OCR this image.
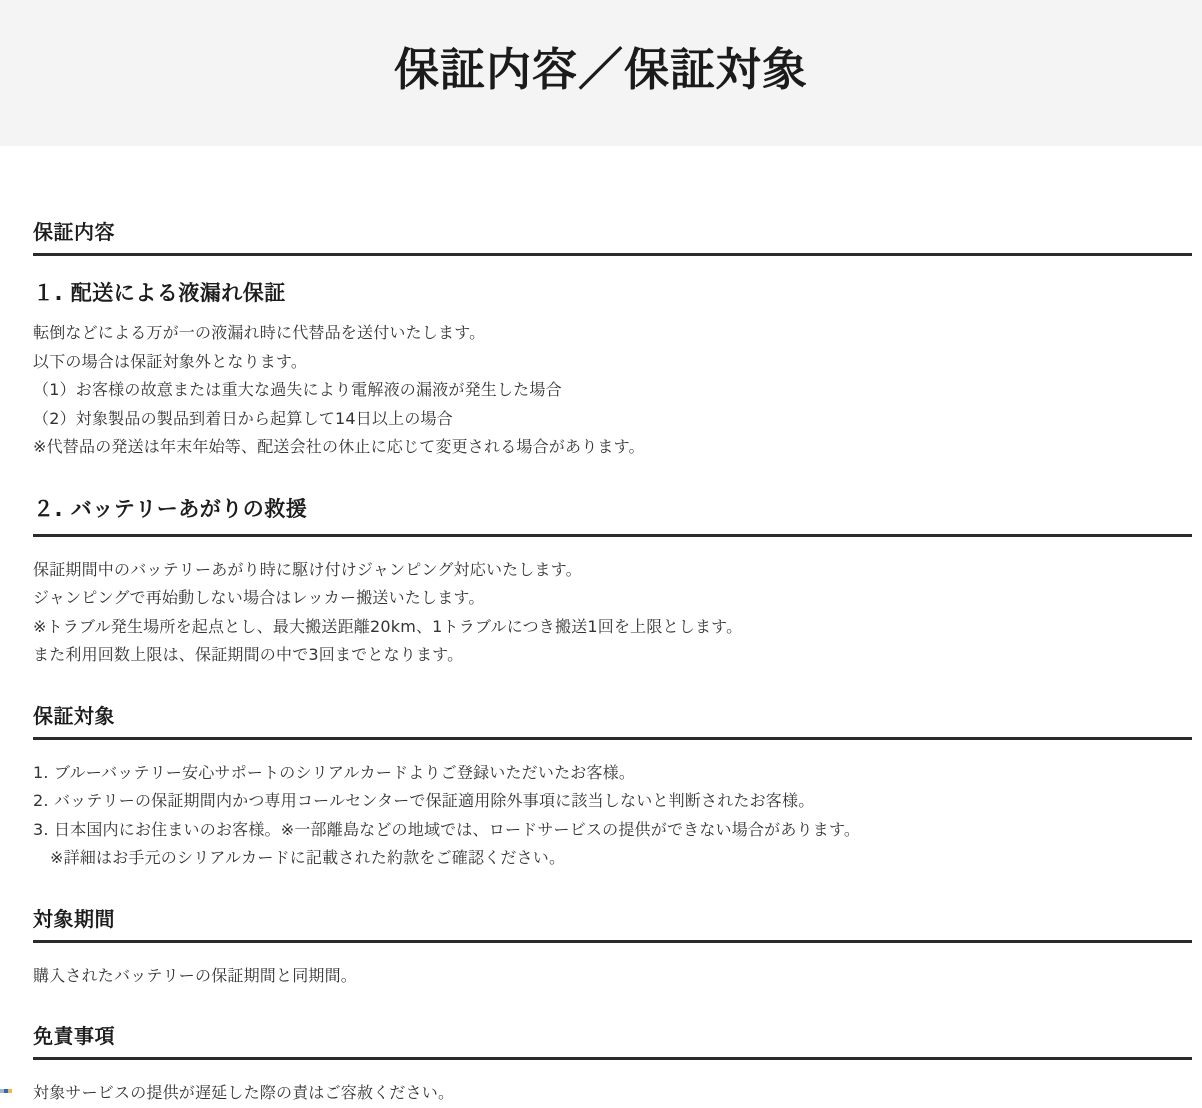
保証内容／保証対象
保証内容
１. 配送による液漏れ保証

転倒などによる万が一の液漏れ時に代替品を送付いたします。

以下の場合は保証対象外となります。

（1）お客様の故意または重大な過失により電解液の漏液が発生した場合

（2）対象製品の製品到着日から起算して14日以上の場合

※代替品の発送は年末年始等、配送会社の休止に応じて変更される場合があります。

２. バッテリーあがりの救援

保証期間中のバッテリーあがり時に駆け付けジャンピング対応いたします。

ジャンピングで再始動しない場合はレッカー搬送いたします。

※トラブル発生場所を起点とし、最大搬送距離20km、1トラブルにつき搬送1回を上限とします。

また利用回数上限は、保証期間の中で3回までとなります。

保証対象

1. ブルーバッテリー安心サポートのシリアルカードよりご登録いただいたお客様。

2. バッテリーの保証期間内かつ専用コールセンターで保証適用除外事項に該当しないと判断されたお客様。

3. 日本国内にお住まいのお客様。※一部離島などの地域では、ロードサービスの提供ができない場合があります。

※詳細はお手元のシリアルカードに記載された約款をご確認ください。

対象期間

購入されたバッテリーの保証期間と同期間。

免責事項

対象サービスの提供が遅延した際の責はご容赦ください。
